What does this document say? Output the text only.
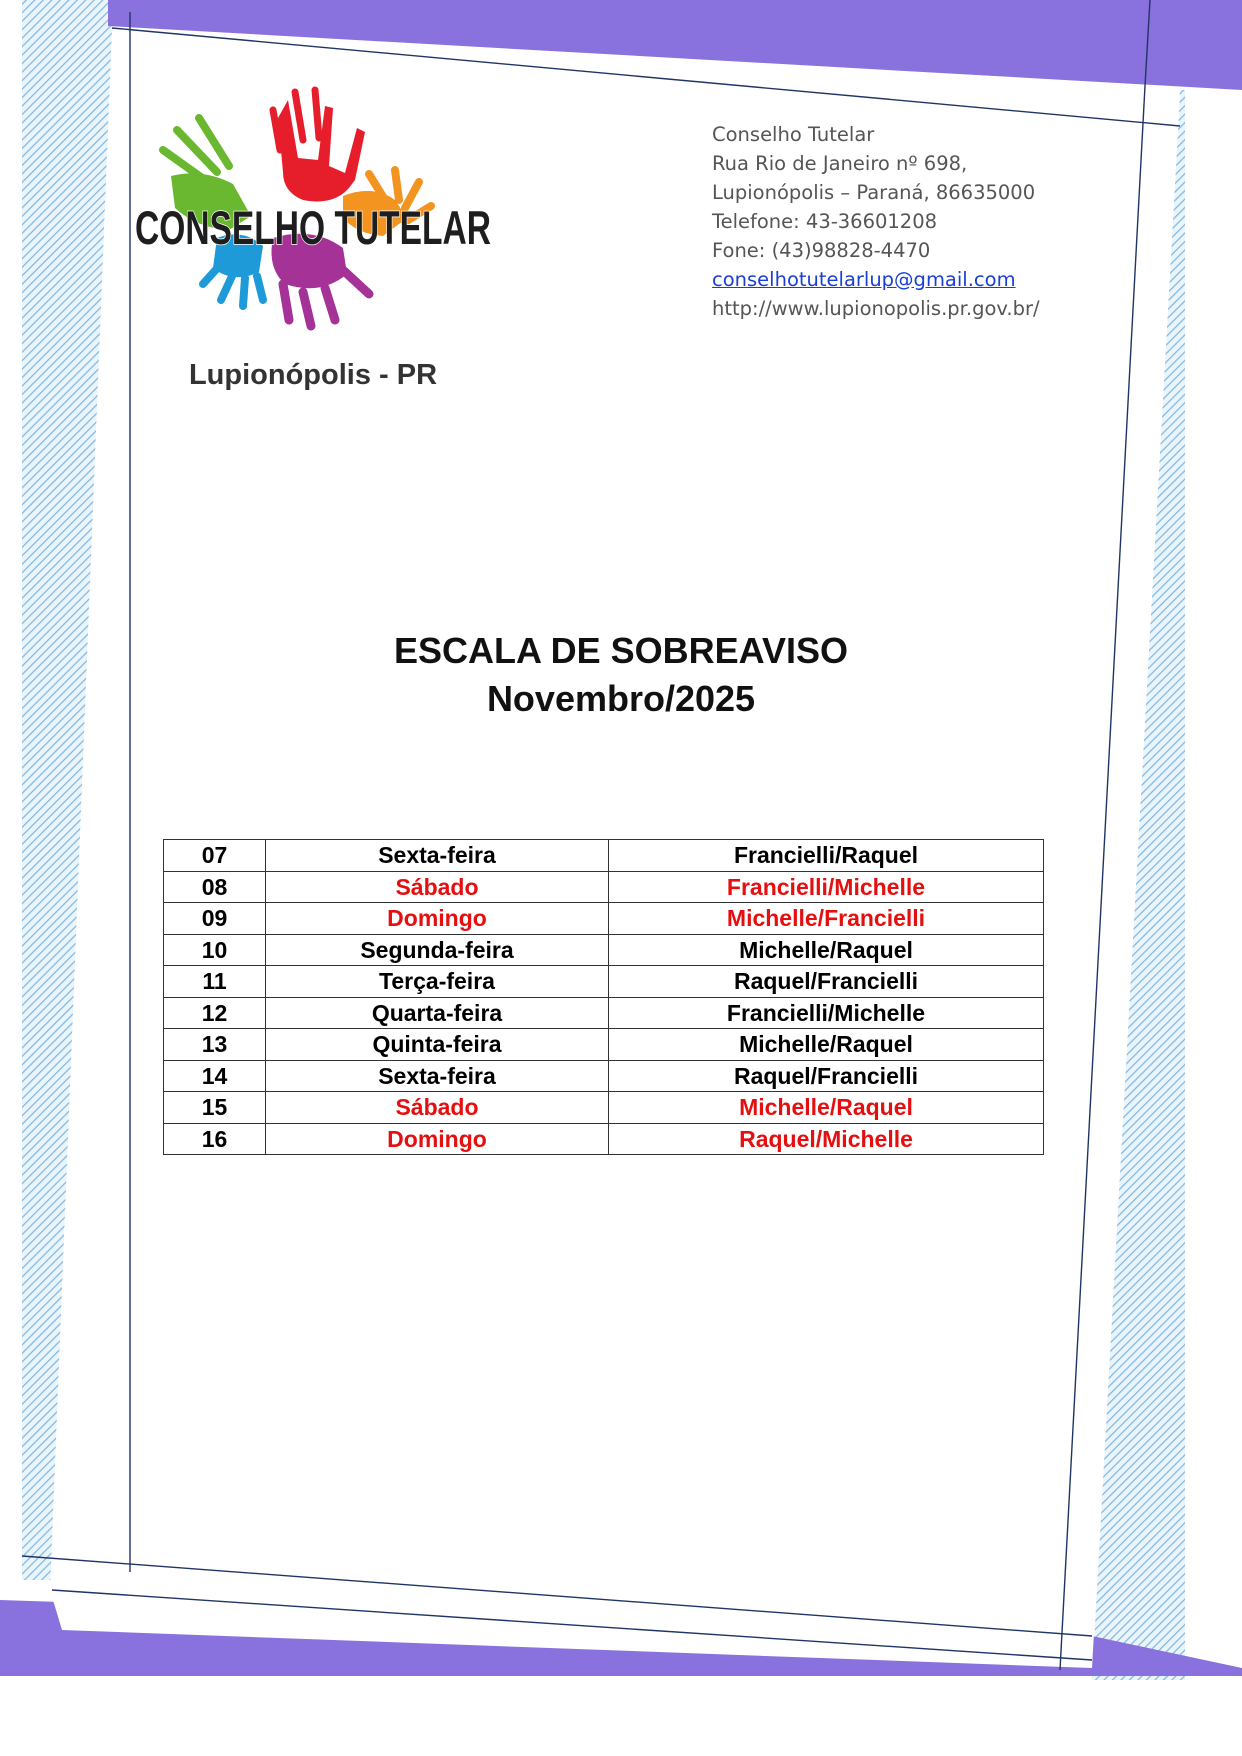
CONSELHO TUTELAR
Lupionópolis - PR
Conselho Tutelar
Rua Rio de Janeiro nº 698,
Lupionópolis – Paraná, 86635000
Telefone: 43-36601208
Fone: (43)98828-4470
conselhotutelarlup@gmail.com
http://www.lupionopolis.pr.gov.br/
ESCALA DE SOBREAVISO
Novembro/2025
07	Sexta-feira	Francielli/Raquel
08	Sábado	Francielli/Michelle
09	Domingo	Michelle/Francielli
10	Segunda-feira	Michelle/Raquel
11	Terça-feira	Raquel/Francielli
12	Quarta-feira	Francielli/Michelle
13	Quinta-feira	Michelle/Raquel
14	Sexta-feira	Raquel/Francielli
15	Sábado	Michelle/Raquel
16	Domingo	Raquel/Michelle
